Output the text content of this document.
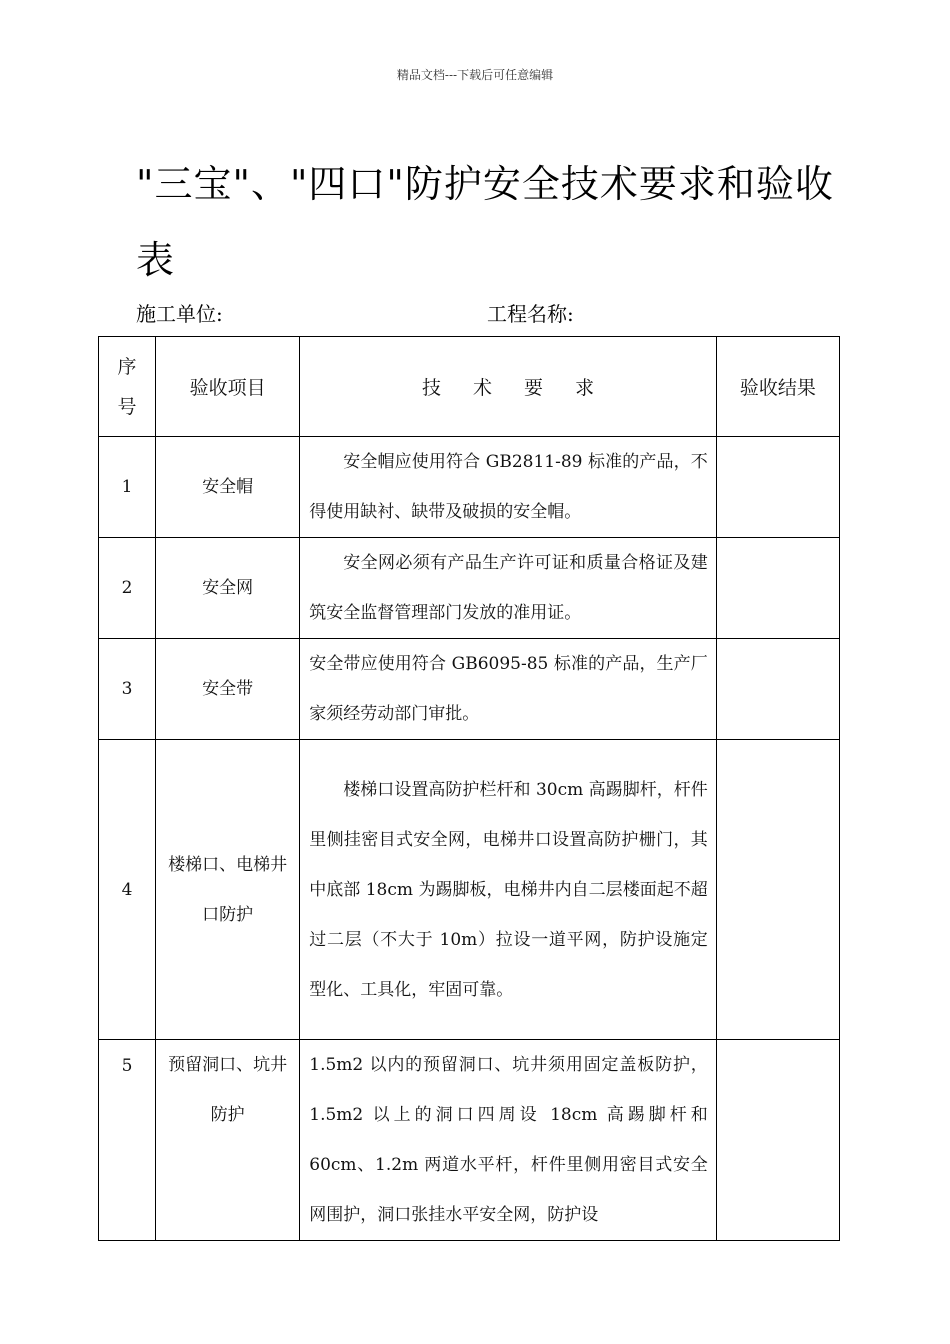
精品文档---下载后可任意编辑
"三宝"、"四口"防护安全技术要求和验收表
施工单位:	工程名称:
序号	验收项目	技 术 要 求	验收结果
1	安全帽	安全帽应使用符合 GB2811-89 标准的产品，不得使用缺衬、缺带及破损的安全帽。	
2	安全网	安全网必须有产品生产许可证和质量合格证及建筑安全监督管理部门发放的准用证。	
3	安全带	安全带应使用符合 GB6095-85 标准的产品，生产厂家须经劳动部门审批。	
4	楼梯口、电梯井口防护	楼梯口设置高防护栏杆和 30cm 高踢脚杆，杆件里侧挂密目式安全网，电梯井口设置高防护栅门，其中底部 18cm 为踢脚板，电梯井内自二层楼面起不超过二层（不大于 10m）拉设一道平网，防护设施定型化、工具化，牢固可靠。	
5	预留洞口、坑井防护	1.5m2 以内的预留洞口、坑井须用固定盖板防护，1.5m2 以上的洞口四周设 18cm 高踢脚杆和 60cm、1.2m 两道水平杆，杆件里侧用密目式安全网围护，洞口张挂水平安全网，防护设	
